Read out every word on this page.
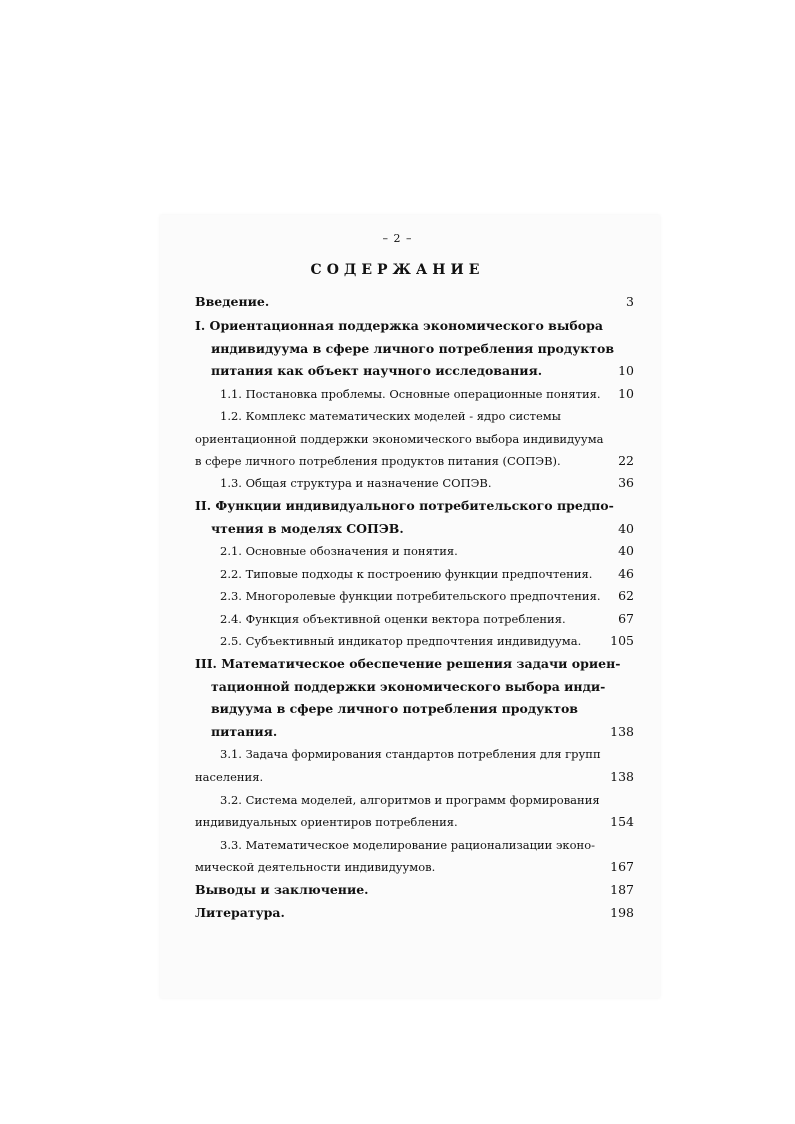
– 2 –
СОДЕРЖАНИЕ
Введение.	3
I. Ориентационная поддержка экономического выбора
индивидуума в сфере личного потребления продуктов
питания как объект научного исследования.	10
1.1. Постановка проблемы. Основные операционные понятия.	10
1.2. Комплекс математических моделей - ядро системы
ориентационной поддержки экономического выбора индивидуума
в сфере личного потребления продуктов питания (СОПЭВ).	22
1.3. Общая структура и назначение СОПЭВ.	36
II. Функции индивидуального потребительского предпо-
чтения в моделях СОПЭВ.	40
2.1. Основные обозначения и понятия.	40
2.2. Типовые подходы к построению функции предпочтения.	46
2.3. Многоролевые функции потребительского предпочтения.	62
2.4. Функция объективной оценки вектора потребления.	67
2.5. Субъективный индикатор предпочтения индивидуума.	105
III. Математическое обеспечение решения задачи ориен-
тационной поддержки экономического выбора инди-
видуума в сфере личного потребления продуктов
питания.	138
3.1. Задача формирования стандартов потребления для групп
населения.	138
3.2. Система моделей, алгоритмов и программ формирования
индивидуальных ориентиров потребления.	154
3.3. Математическое моделирование рационализации эконо-
мической деятельности индивидуумов.	167
Выводы и заключение.	187
Литература.	198
